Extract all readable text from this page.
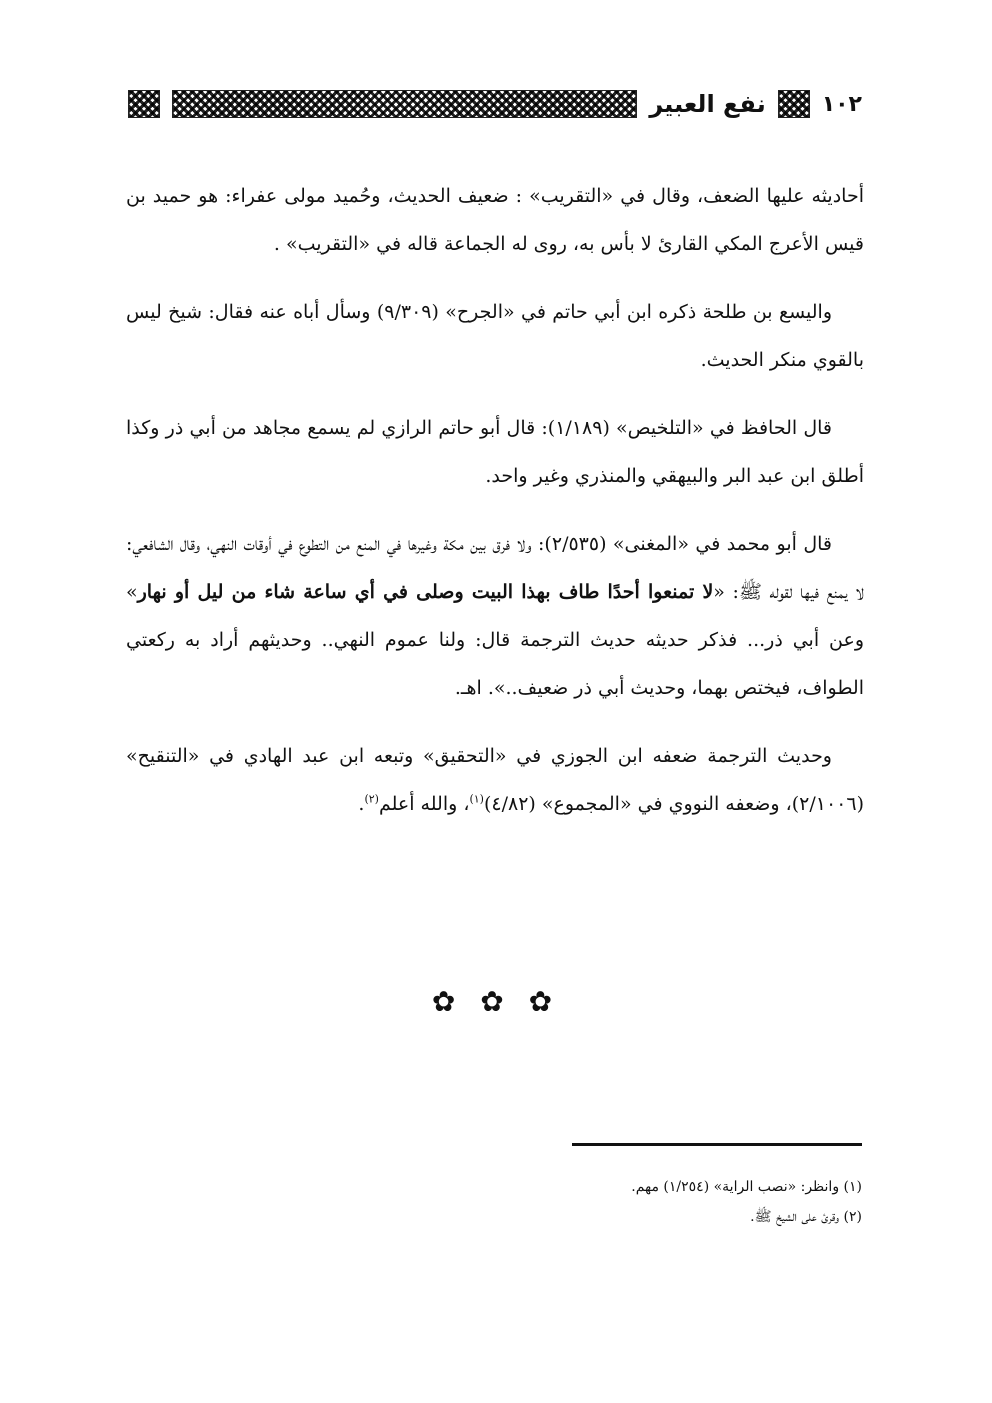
١٠٢
نفع العبير

أحاديثه عليها الضعف، وقال في «التقريب» : ضعيف الحديث، وحُميد مولى عفراء: هو حميد بن قيس الأعرج المكي القارئ لا بأس به، روى له الجماعة قاله في «التقريب» .

واليسع بن طلحة ذكره ابن أبي حاتم في «الجرح» (٩/٣٠٩) وسأل أباه عنه فقال: شيخ ليس بالقوي منكر الحديث.

قال الحافظ في «التلخيص» (١/١٨٩): قال أبو حاتم الرازي لم يسمع مجاهد من أبي ذر وكذا أطلق ابن عبد البر والبيهقي والمنذري وغير واحد.

قال أبو محمد في «المغنى» (٢/٥٣٥): ولا فرق بين مكة وغيرها في المنع من التطوع في أوقات النهي، وقال الشافعي: لا يمنع فيها لقوله ﷺ: «لا تمنعوا أحدًا طاف بهذا البيت وصلى في أي ساعة شاء من ليل أو نهار» وعن أبي ذر... فذكر حديثه حديث الترجمة قال: ولنا عموم النهي.. وحديثهم أراد به ركعتي الطواف، فيختص بهما، وحديث أبي ذر ضعيف..». اهـ.

وحديث الترجمة ضعفه ابن الجوزي في «التحقيق» وتبعه ابن عبد الهادي في «التنقيح» (٢/١٠٠٦)، وضعفه النووي في «المجموع» (٤/٨٢)$^{(١)}$، والله أعلم$^{(٢)}$.

✿ ✿ ✿
(١) وانظر: «نصب الراية» (١/٢٥٤) مهم.
(٢) وقرئ على الشيخ ﷺ.
